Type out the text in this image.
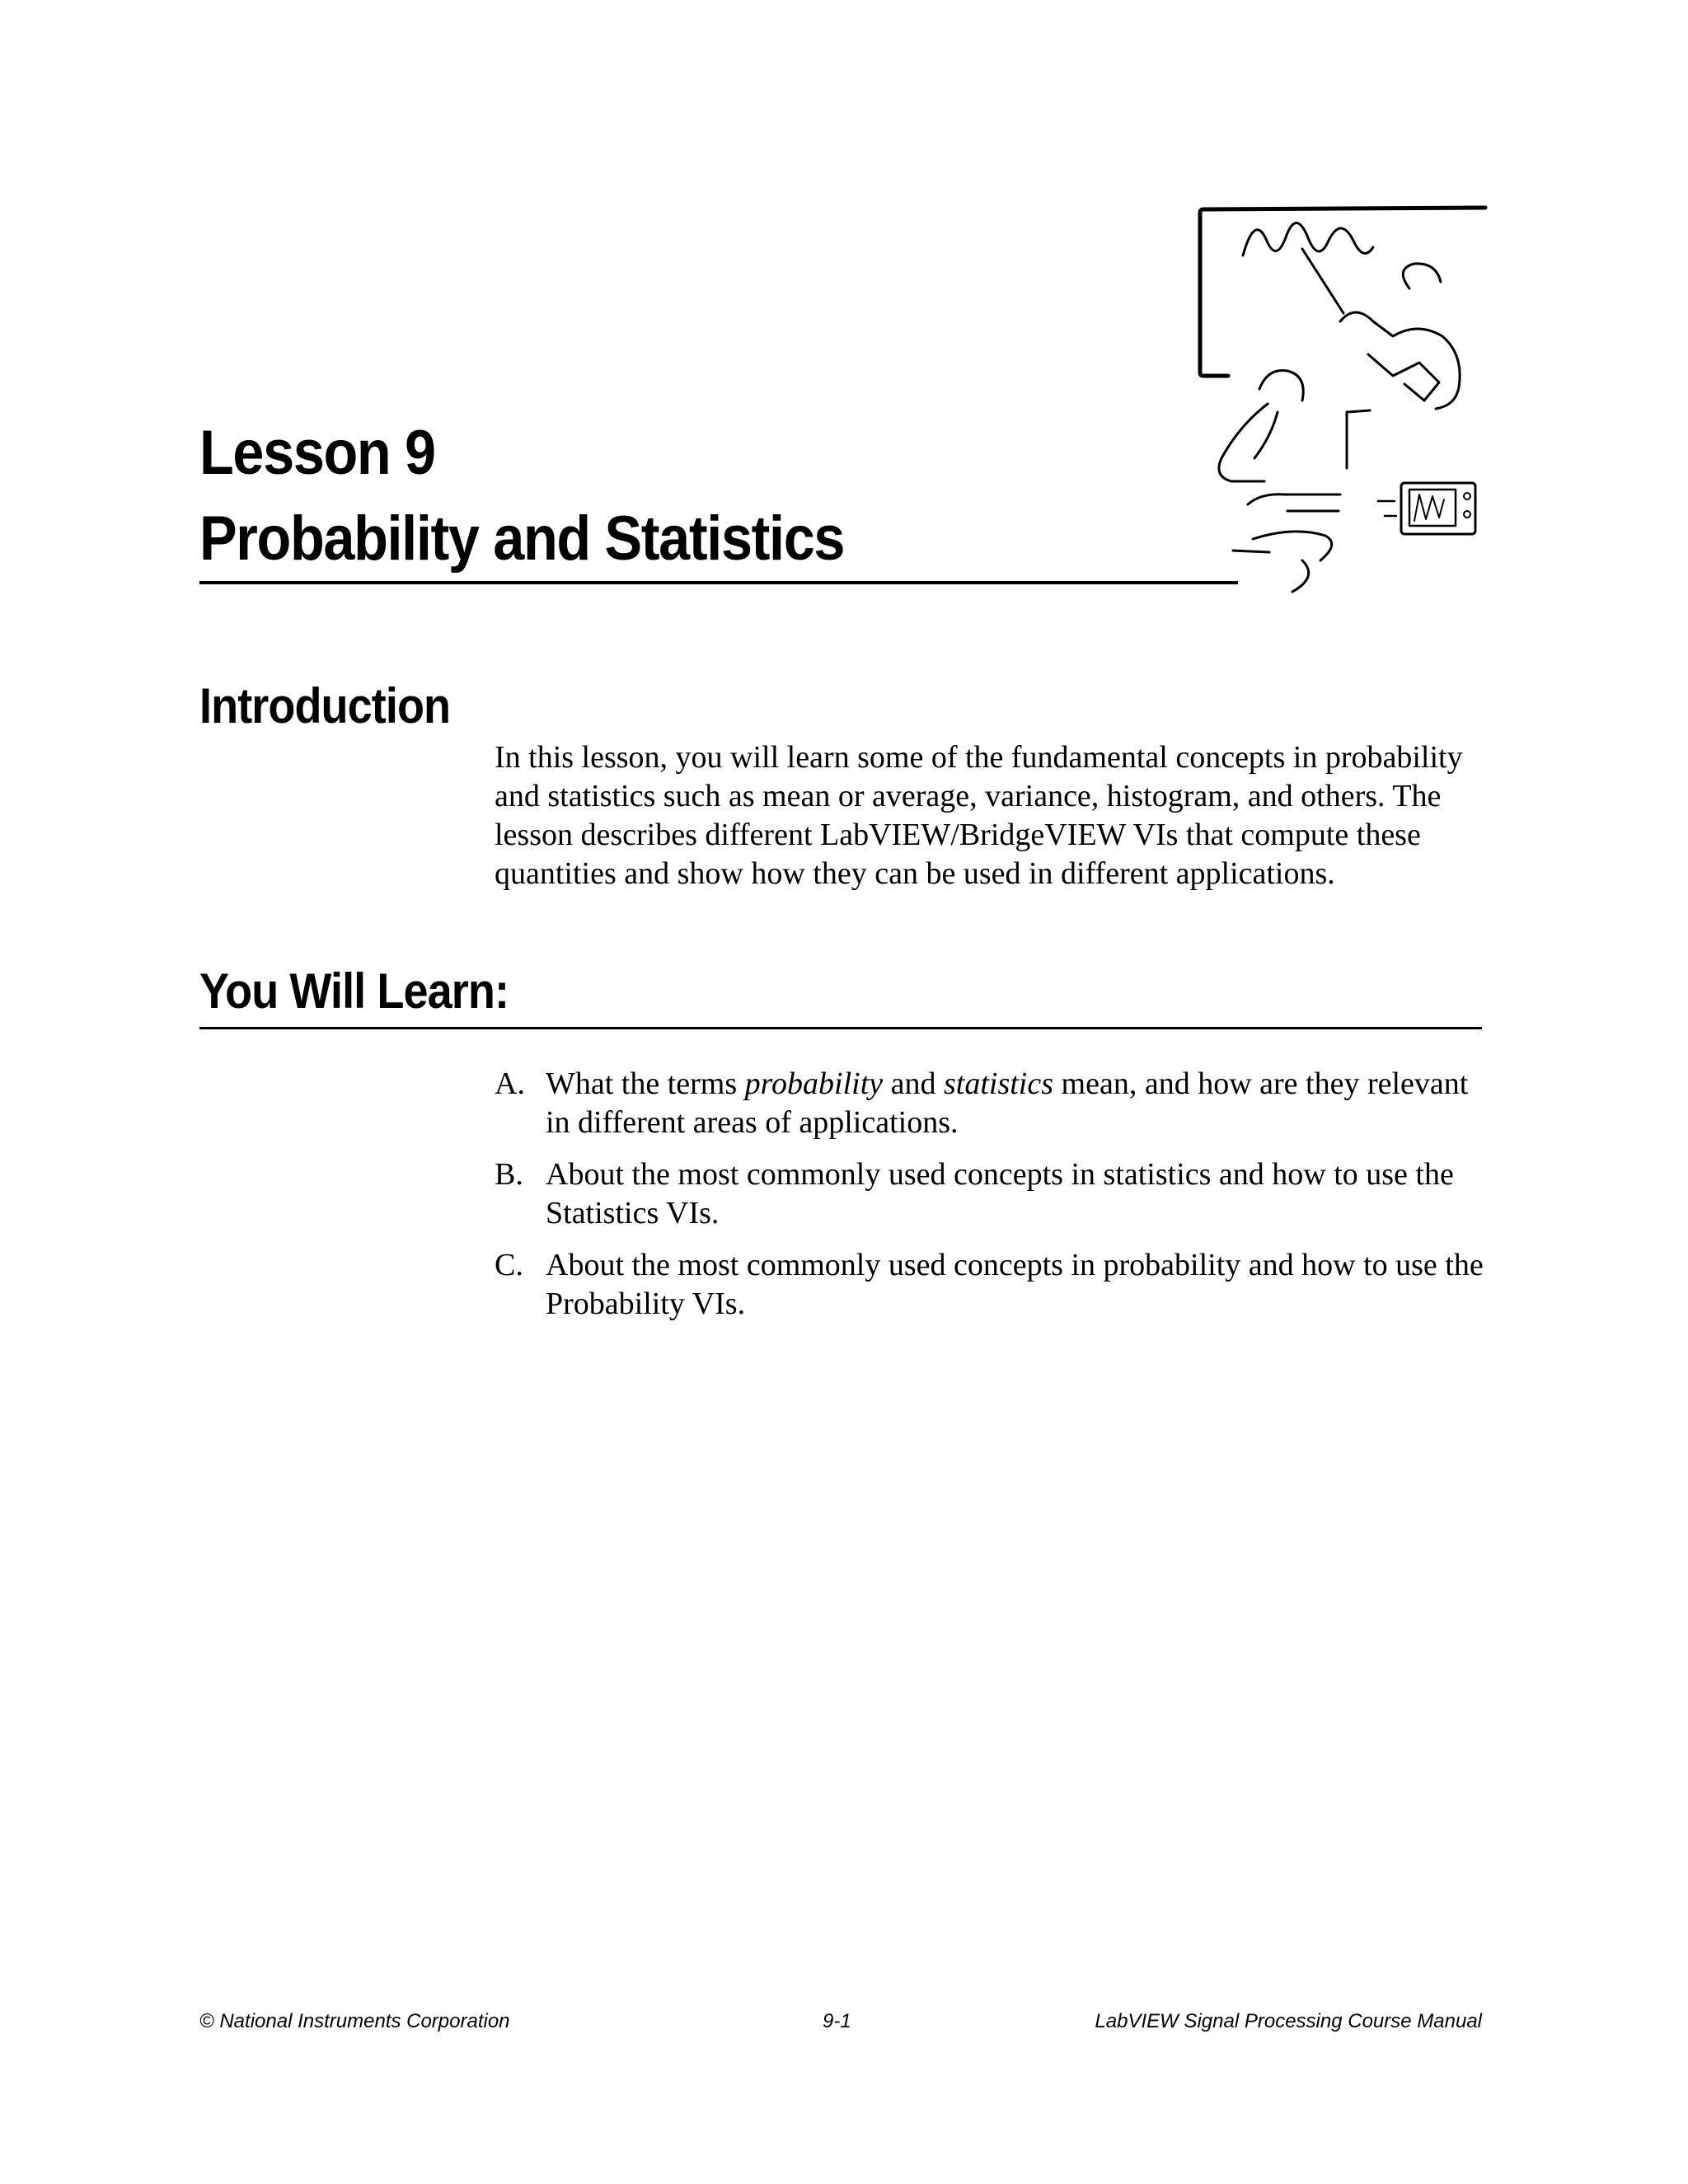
Lesson 9
Probability and Statistics
Introduction

In this lesson, you will learn some of the fundamental concepts in probability and statistics such as mean or average, variance, histogram, and others. The lesson describes different LabVIEW/BridgeVIEW VIs that compute these quantities and show how they can be used in different applications.

You Will Learn:
A. What the terms probability and statistics mean, and how are they relevant in different areas of applications.
B. About the most commonly used concepts in statistics and how to use the Statistics VIs.
C. About the most commonly used concepts in probability and how to use the Probability VIs.
© National Instruments Corporation	9-1	LabVIEW Signal Processing Course Manual
